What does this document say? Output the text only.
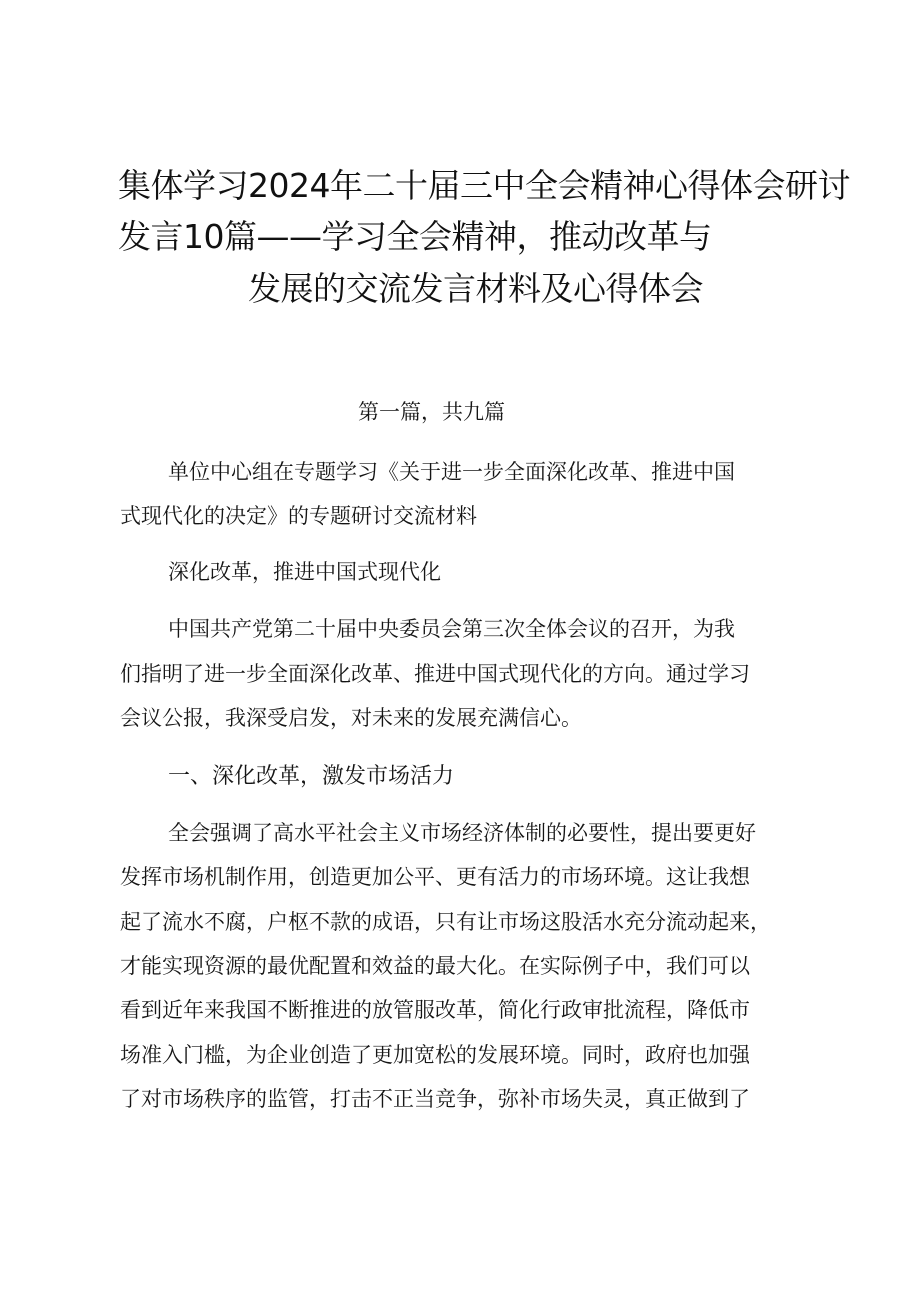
集体学习2024年二十届三中全会精神心得体会研讨
发言10篇——学习全会精神，推动改革与
发展的交流发言材料及心得体会
第一篇，共九篇
单位中心组在专题学习《关于进一步全面深化改革、推进中国
式现代化的决定》的专题研讨交流材料
深化改革，推进中国式现代化
中国共产党第二十届中央委员会第三次全体会议的召开，为我
们指明了进一步全面深化改革、推进中国式现代化的方向。通过学习
会议公报，我深受启发，对未来的发展充满信心。
一、深化改革，激发市场活力
全会强调了高水平社会主义市场经济体制的必要性，提出要更好
发挥市场机制作用，创造更加公平、更有活力的市场环境。这让我想
起了流水不腐，户枢不款的成语，只有让市场这股活水充分流动起来，
才能实现资源的最优配置和效益的最大化。在实际例子中，我们可以
看到近年来我国不断推进的放管服改革，简化行政审批流程，降低市
场准入门槛，为企业创造了更加宽松的发展环境。同时，政府也加强
了对市场秩序的监管，打击不正当竞争，弥补市场失灵，真正做到了
